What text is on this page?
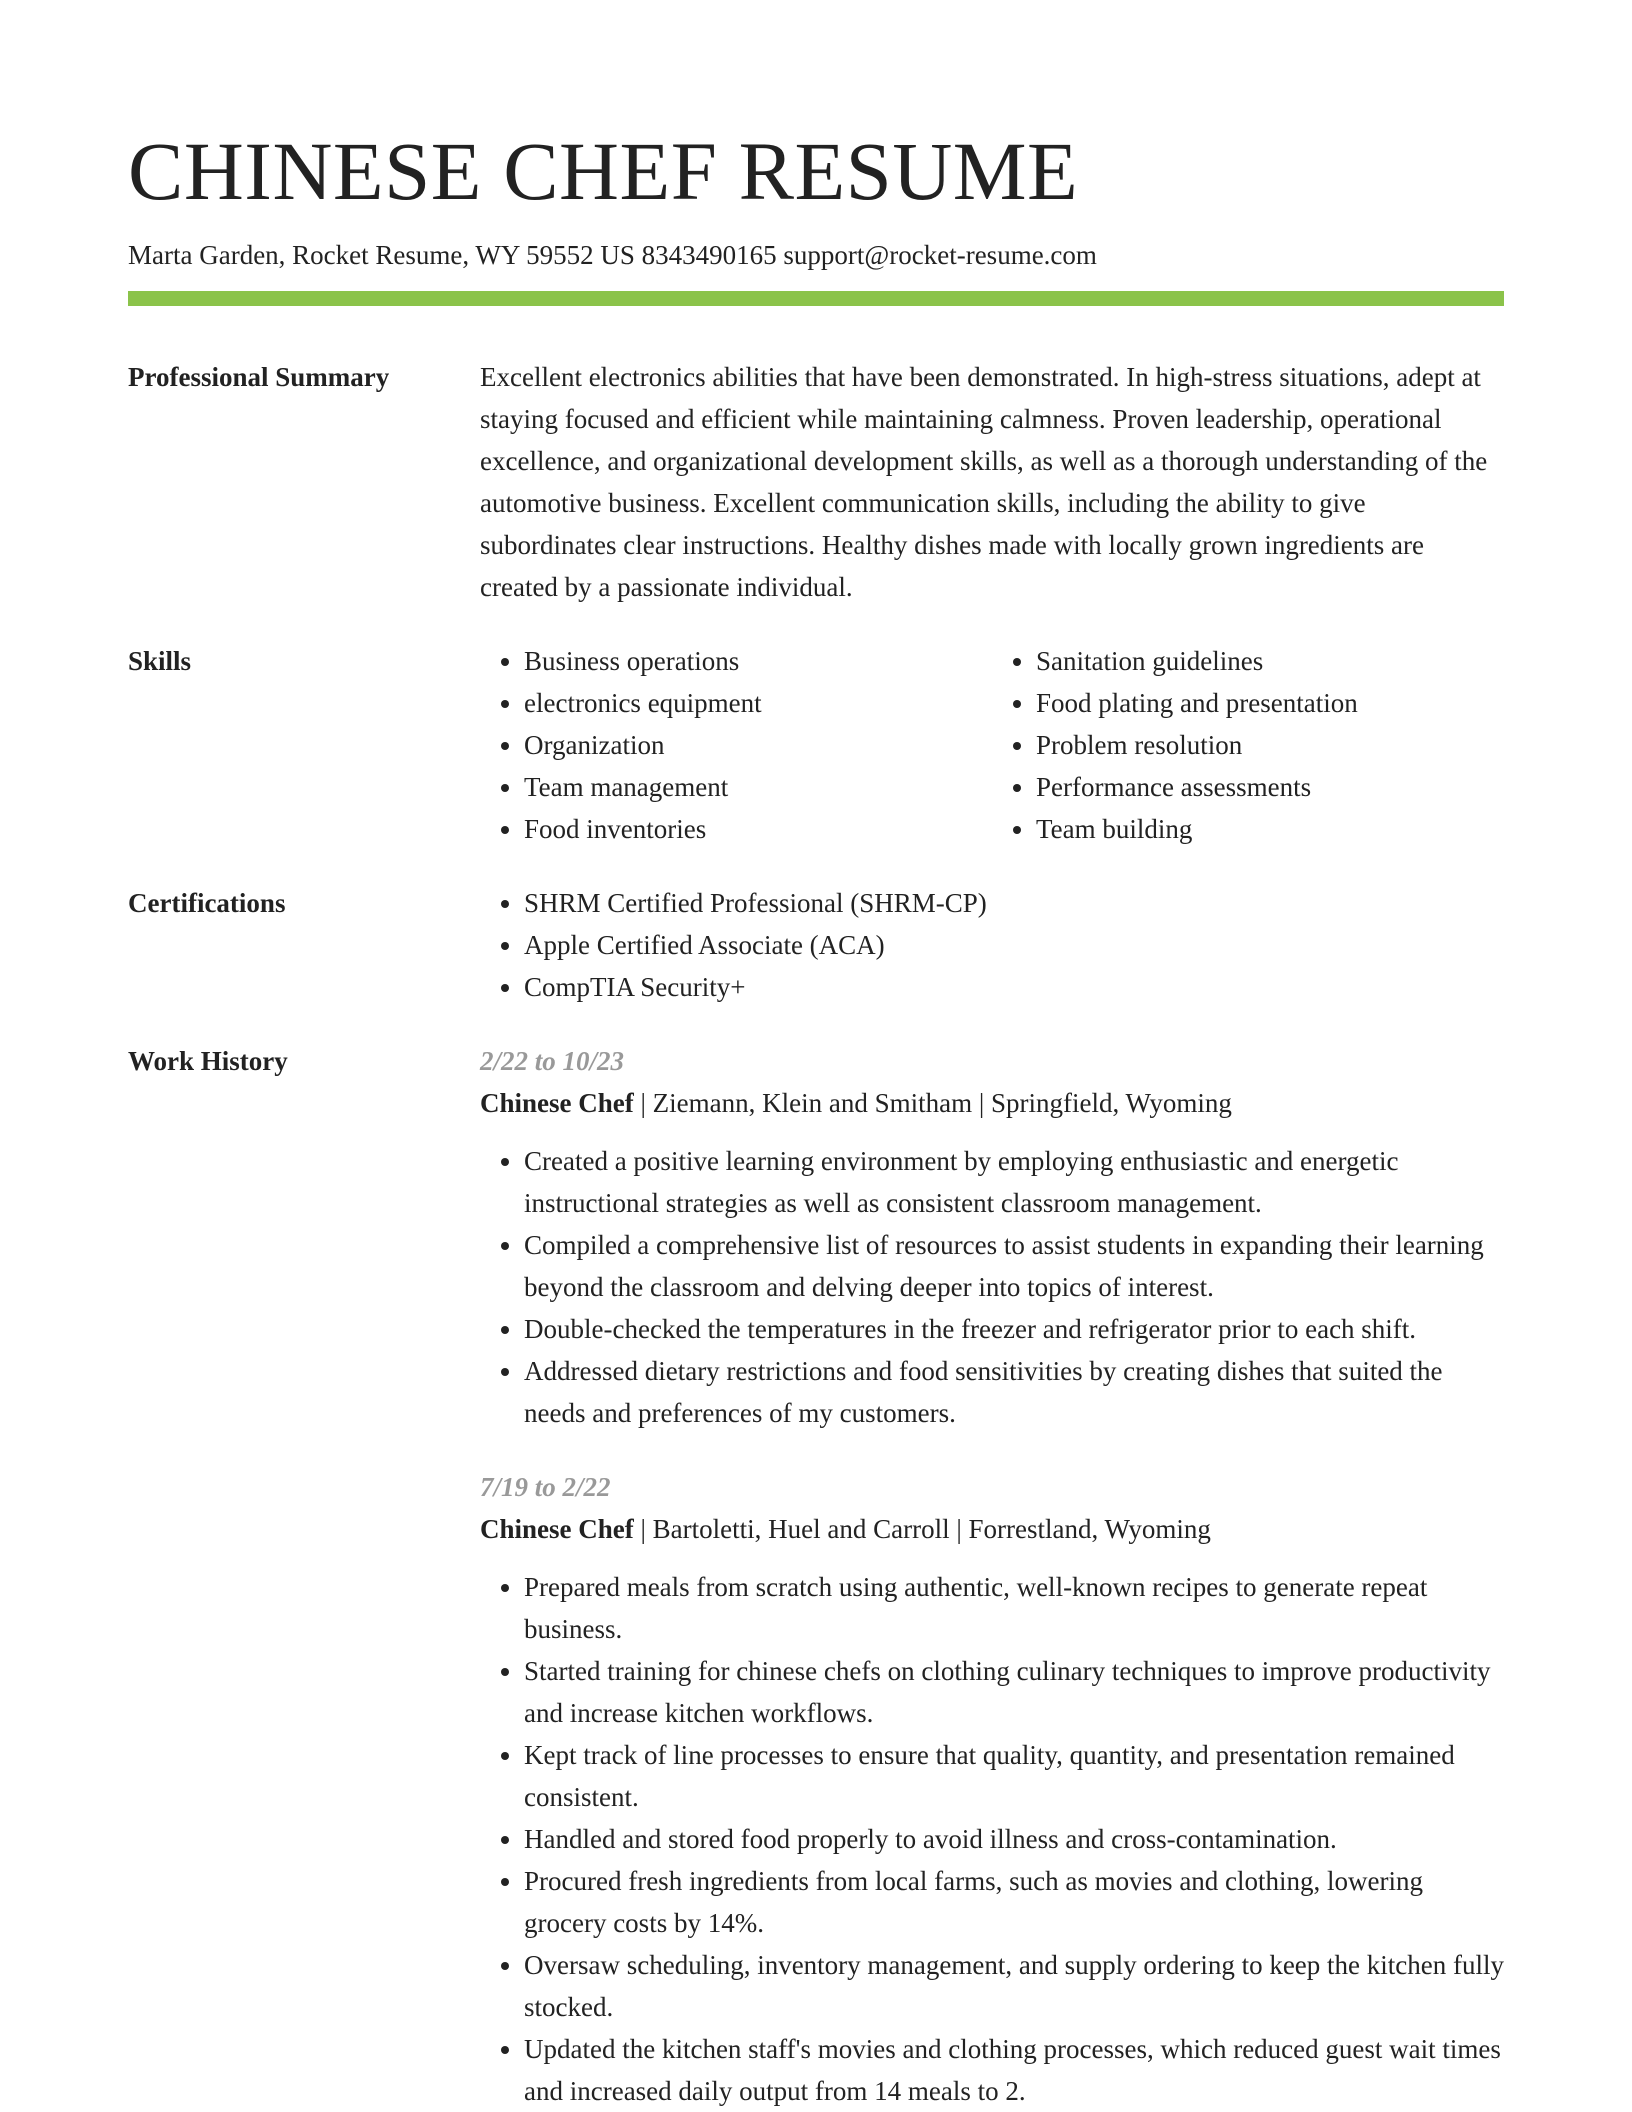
CHINESE CHEF RESUME
Marta Garden, Rocket Resume, WY 59552 US 8343490165 support@rocket-resume.com
Professional Summary	Excellent electronics abilities that have been demonstrated. In high-stress situations, adept at staying focused and efficient while maintaining calmness. Proven leadership, operational excellence, and organizational development skills, as well as a thorough understanding of the automotive business. Excellent communication skills, including the ability to give subordinates clear instructions. Healthy dishes made with locally grown ingredients are created by a passionate individual.
Skills	• Business operations
• electronics equipment
• Organization
• Team management
• Food inventories
• Sanitation guidelines
• Food plating and presentation
• Problem resolution
• Performance assessments
• Team building
Certifications	• SHRM Certified Professional (SHRM-CP)
• Apple Certified Associate (ACA)
• CompTIA Security+
Work History	2/22 to 10/23
Chinese Chef | Ziemann, Klein and Smitham | Springfield, Wyoming
• Created a positive learning environment by employing enthusiastic and energetic instructional strategies as well as consistent classroom management.
• Compiled a comprehensive list of resources to assist students in expanding their learning beyond the classroom and delving deeper into topics of interest.
• Double-checked the temperatures in the freezer and refrigerator prior to each shift.
• Addressed dietary restrictions and food sensitivities by creating dishes that suited the needs and preferences of my customers.
7/19 to 2/22
Chinese Chef | Bartoletti, Huel and Carroll | Forrestland, Wyoming
• Prepared meals from scratch using authentic, well-known recipes to generate repeat business.
• Started training for chinese chefs on clothing culinary techniques to improve productivity and increase kitchen workflows.
• Kept track of line processes to ensure that quality, quantity, and presentation remained consistent.
• Handled and stored food properly to avoid illness and cross-contamination.
• Procured fresh ingredients from local farms, such as movies and clothing, lowering grocery costs by 14%.
• Oversaw scheduling, inventory management, and supply ordering to keep the kitchen fully stocked.
• Updated the kitchen staff's movies and clothing processes, which reduced guest wait times and increased daily output from 14 meals to 2.
